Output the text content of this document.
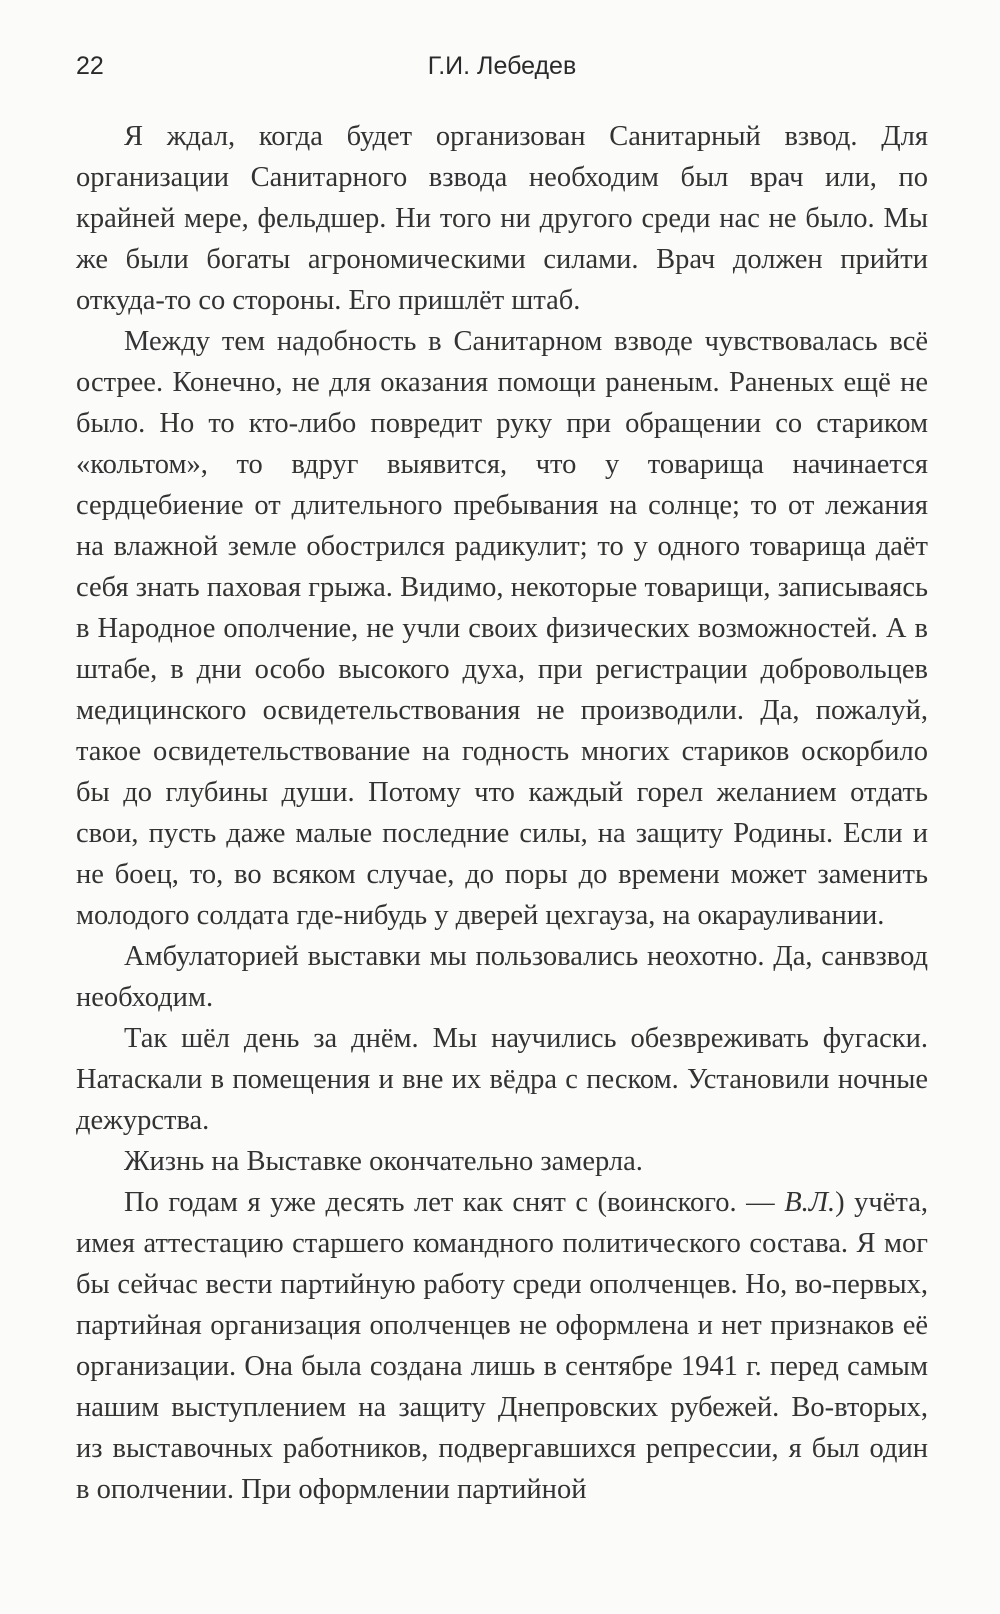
22	Г.И. Лебедев

Я ждал, когда будет организован Санитарный взвод. Для организации Санитарного взвода необходим был врач или, по крайней мере, фельдшер. Ни того ни другого среди нас не было. Мы же были богаты агрономическими силами. Врач должен прийти откуда-то со стороны. Его пришлёт штаб.

Между тем надобность в Санитарном взводе чувствовалась всё острее. Конечно, не для оказания помощи раненым. Раненых ещё не было. Но то кто-либо повредит руку при обращении со стариком «кольтом», то вдруг выявится, что у товарища начинается сердцебиение от длительного пребывания на солнце; то от лежания на влажной земле обострился радикулит; то у одного товарища даёт себя знать паховая грыжа. Видимо, некоторые товарищи, записываясь в Народное ополчение, не учли своих физических возможностей. А в штабе, в дни особо высокого духа, при регистрации добровольцев медицинского освидетельствования не производили. Да, пожалуй, такое освидетельствование на годность многих стариков оскорбило бы до глубины души. Потому что каждый горел желанием отдать свои, пусть даже малые последние силы, на защиту Родины. Если и не боец, то, во всяком случае, до поры до времени может заменить молодого солдата где-нибудь у дверей цехгауза, на окарауливании.

Амбулаторией выставки мы пользовались неохотно. Да, санвзвод необходим.

Так шёл день за днём. Мы научились обезвреживать фугаски. Натаскали в помещения и вне их вёдра с песком. Установили ночные дежурства.

Жизнь на Выставке окончательно замерла.

По годам я уже десять лет как снят с (воинского. — В.Л.) учёта, имея аттестацию старшего командного политического состава. Я мог бы сейчас вести партийную работу среди ополченцев. Но, во-первых, партийная организация ополченцев не оформлена и нет признаков её организации. Она была создана лишь в сентябре 1941 г. перед самым нашим выступлением на защиту Днепровских рубежей. Во-вторых, из выставочных работников, подвергавшихся репрессии, я был один в ополчении. При оформлении партийной
